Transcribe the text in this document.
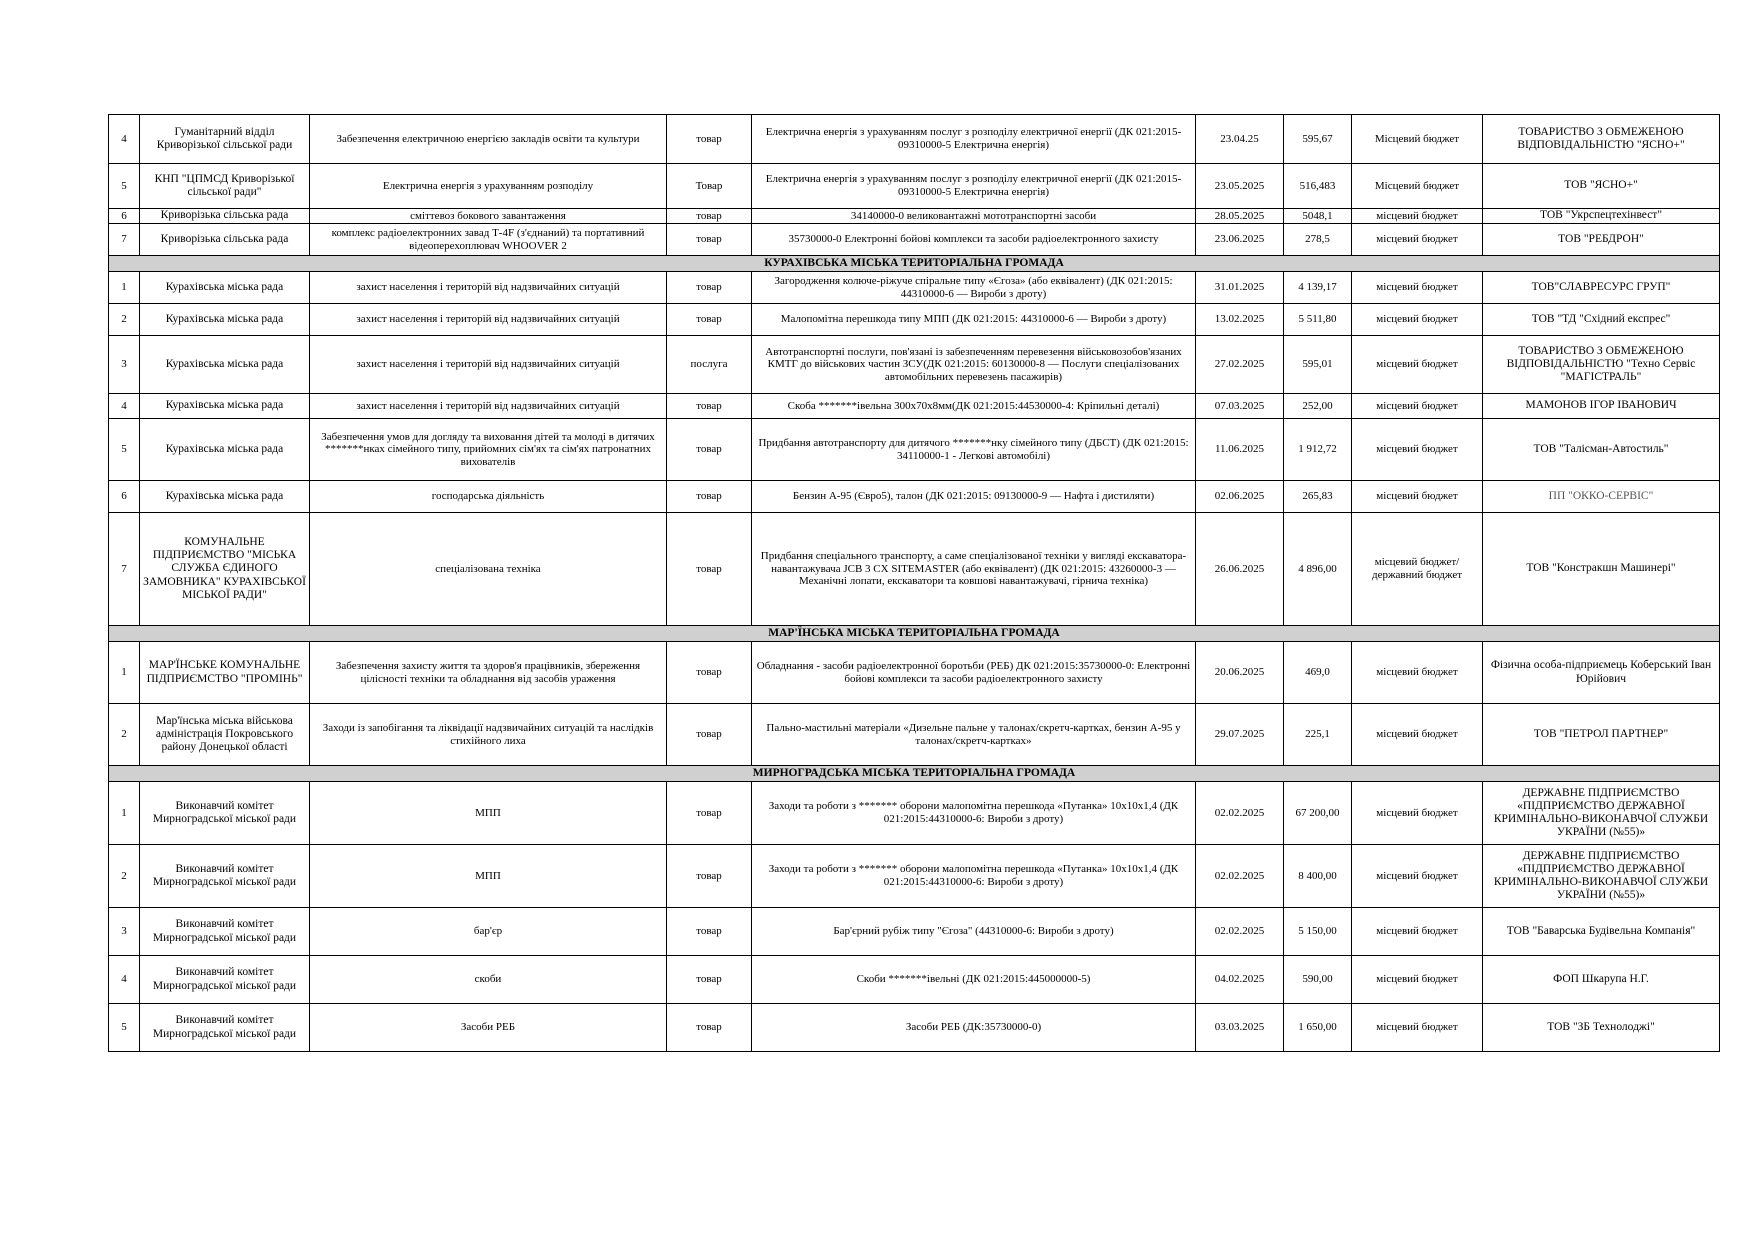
4	Гуманітарний відділ Криворізької сільської ради	Забезпечення електричною енергією закладів освіти та культури	товар	Електрична енергія з урахуванням послуг з розподілу електричної енергії (ДК 021:2015-09310000-5 Електрична енергія)	23.04.25	595,67	Місцевий бюджет	ТОВАРИСТВО З ОБМЕЖЕНОЮ ВІДПОВІДАЛЬНІСТЮ "ЯСНО+"
5	КНП "ЦПМСД Криворізької сільської ради"	Електрична енергія з урахуванням розподілу	Товар	Електрична енергія з урахуванням послуг з розподілу електричної енергії (ДК 021:2015-09310000-5 Електрична енергія)	23.05.2025	516,483	Місцевий бюджет	ТОВ "ЯСНО+"
6	Криворізька сільська рада	сміттевоз бокового завантаження	товар	34140000-0 великовантажні мототранспортні засоби	28.05.2025	5048,1	місцевий бюджет	ТОВ "Укрспецтехінвест"
7	Криворізька сільська рада	комплекс радіоелектронних завад Т-4F (з'єднаний) та портативний відеоперехоплювач WHOOVER 2	товар	35730000-0 Електронні бойові комплекси та засоби радіоелектронного захисту	23.06.2025	278,5	місцевий бюджет	ТОВ "РЕБДРОН"
КУРАХІВСЬКА МІСЬКА ТЕРИТОРІАЛЬНА ГРОМАДА								
1	Курахівська міська рада	захист населення і територій від надзвичайних ситуацій	товар	Загородження колюче-ріжуче спіральне типу «Єгоза» (або еквівалент) (ДК 021:2015: 44310000-6 — Вироби з дроту)	31.01.2025	4 139,17	місцевий бюджет	ТОВ"СЛАВРЕСУРС ГРУП"
2	Курахівська міська рада	захист населення і територій від надзвичайних ситуацій	товар	Малопомітна перешкода типу МПП (ДК 021:2015: 44310000-6 — Вироби з дроту)	13.02.2025	5 511,80	місцевий бюджет	ТОВ "ТД "Східний експрес"
3	Курахівська міська рада	захист населення і територій від надзвичайних ситуацій	послуга	Автотранспортні послуги, пов'язані із забезпеченням перевезення військовозобов'язаних КМТГ до військових частин ЗСУ(ДК 021:2015: 60130000-8 — Послуги спеціалізованих автомобільних перевезень пасажирів)	27.02.2025	595,01	місцевий бюджет	ТОВАРИСТВО З ОБМЕЖЕНОЮ ВІДПОВІДАЛЬНІСТЮ "Техно Сервіс "МАГІСТРАЛЬ"
4	Курахівська міська рада	захист населення і територій від надзвичайних ситуацій	товар	Скоба *******івельна 300х70х8мм(ДК 021:2015:44530000-4: Кріпильні деталі)	07.03.2025	252,00	місцевий бюджет	МАМОНОВ ІГОР ІВАНОВИЧ
5	Курахівська міська рада	Забезпечення умов для догляду та виховання дітей та молоді в дитячих *******нках сімейного типу, прийомних сім'ях та сім'ях патронатних вихователів	товар	Придбання автотранспорту для дитячого *******нку сімейного типу (ДБСТ) (ДК 021:2015: 34110000-1 - Легкові автомобілі)	11.06.2025	1 912,72	місцевий бюджет	ТОВ "Талісман-Автостиль"
6	Курахівська міська рада	господарська діяльність	товар	Бензин А-95 (Євро5), талон (ДК 021:2015: 09130000-9 — Нафта і дистиляти)	02.06.2025	265,83	місцевий бюджет	ПП "ОККО-СЕРВІС"
7	КОМУНАЛЬНЕ ПІДПРИЄМСТВО "МІСЬКА СЛУЖБА ЄДИНОГО ЗАМОВНИКА" КУРАХІВСЬКОЇ МІСЬКОЇ РАДИ"	спеціалізована техніка	товар	Придбання спеціального транспорту, а саме спеціалізованої техніки у вигляді екскаватора-навантажувача JCB 3 CX SITEMASTER (або еквівалент) (ДК 021:2015: 43260000-3 — Механічні лопати, екскаватори та ковшові навантажувачі, гірнича техніка)	26.06.2025	4 896,00	місцевий бюджет/державний бюджет	ТОВ "Констракшн Машинері"
МАР'ЇНСЬКА МІСЬКА ТЕРИТОРІАЛЬНА ГРОМАДА								
1	МАР'ЇНСЬКЕ КОМУНАЛЬНЕ ПІДПРИЄМСТВО "ПРОМІНЬ"	Забезпечення захисту життя та здоров'я працівників, збереження цілісності техніки та обладнання від засобів ураження	товар	Обладнання - засоби радіоелектронної боротьби (РЕБ) ДК 021:2015:35730000-0: Електронні бойові комплекси та засоби радіоелектронного захисту	20.06.2025	469,0	місцевий бюджет	Фізична особа-підприємець Коберський Іван Юрійович
2	Мар'їнська міська військова адміністрація Покровського району Донецької області	Заходи із запобігання та ліквідації надзвичайних ситуацій та наслідків стихійного лиха	товар	Пально-мастильні матеріали «Дизельне пальне у талонах/скретч-картках, бензин А-95 у талонах/скретч-картках»	29.07.2025	225,1	місцевий бюджет	ТОВ "ПЕТРОЛ ПАРТНЕР"
МИРНОГРАДСЬКА МІСЬКА ТЕРИТОРІАЛЬНА ГРОМАДА								
1	Виконавчий комітет Мирноградської міської ради	МПП	товар	Заходи та роботи з ******* оборони малопомітна перешкода «Путанка» 10х10х1,4 (ДК 021:2015:44310000-6: Вироби з дроту)	02.02.2025	67 200,00	місцевий бюджет	ДЕРЖАВНЕ ПІДПРИЄМСТВО «ПІДПРИЄМСТВО ДЕРЖАВНОЇ КРИМІНАЛЬНО-ВИКОНАВЧОЇ СЛУЖБИ УКРАЇНИ (№55)»
2	Виконавчий комітет Мирноградської міської ради	МПП	товар	Заходи та роботи з ******* оборони малопомітна перешкода «Путанка» 10х10х1,4 (ДК 021:2015:44310000-6: Вироби з дроту)	02.02.2025	8 400,00	місцевий бюджет	ДЕРЖАВНЕ ПІДПРИЄМСТВО «ПІДПРИЄМСТВО ДЕРЖАВНОЇ КРИМІНАЛЬНО-ВИКОНАВЧОЇ СЛУЖБИ УКРАЇНИ (№55)»
3	Виконавчий комітет Мирноградської міської ради	бар'єр	товар	Бар'єрний рубіж типу "Єгоза" (44310000-6: Вироби з дроту)	02.02.2025	5 150,00	місцевий бюджет	ТОВ "Баварська Будівельна Компанія"
4	Виконавчий комітет Мирноградської міської ради	скоби	товар	Скоби *******івельні (ДК 021:2015:445000000-5)	04.02.2025	590,00	місцевий бюджет	ФОП Шкарупа Н.Г.
5	Виконавчий комітет Мирноградської міської ради	Засоби РЕБ	товар	Засоби РЕБ (ДК:35730000-0)	03.03.2025	1 650,00	місцевий бюджет	ТОВ "ЗБ Технолоджі"
